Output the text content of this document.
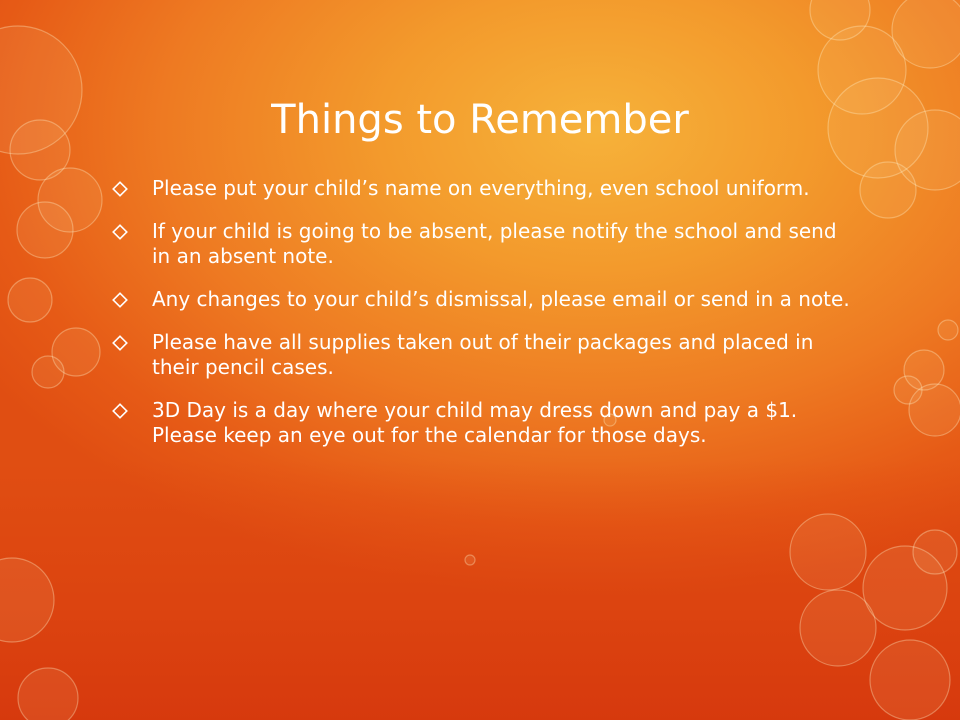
Things to Remember
Please put your child’s name on everything, even school uniform.
If your child is going to be absent, please notify the school and send in an absent note.
Any changes to your child’s dismissal, please email or send in a note.
Please have all supplies taken out of their packages and placed in their pencil cases.
3D Day is a day where your child may dress down and pay a $1. Please keep an eye out for the calendar for those days.
